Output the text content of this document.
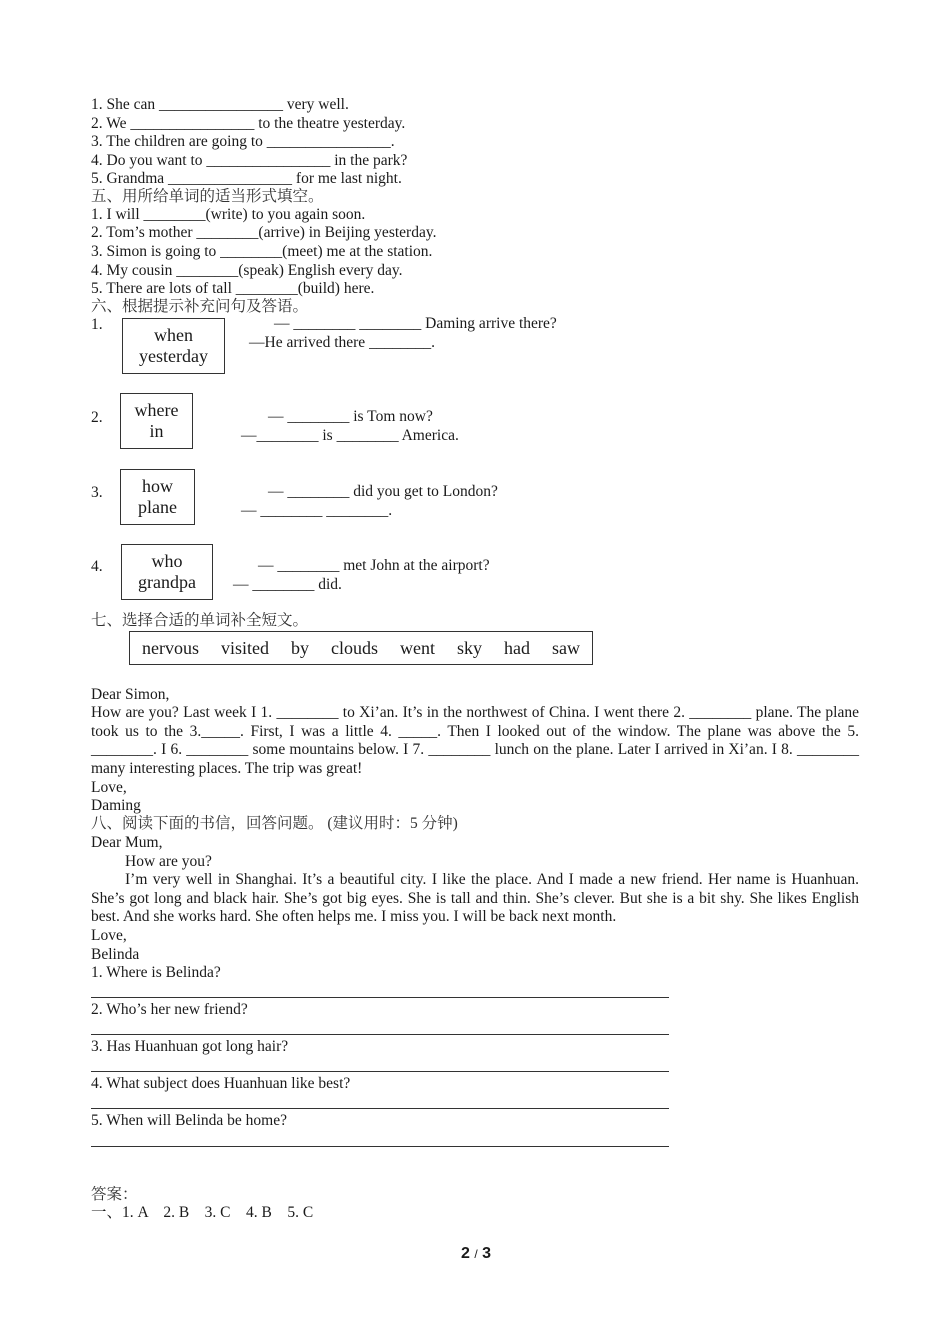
1. She can ________________ very well.
2. We ________________ to the theatre yesterday.
3. The children are going to ________________.
4. Do you want to ________________ in the park?
5. Grandma ________________ for me last night.
五、用所给单词的适当形式填空。
1. I will ________(write) to you again soon.
2. Tom’s mother ________(arrive) in Beijing yesterday.
3. Simon is going to ________(meet) me at the station.
4. My cousin ________(speak) English every day.
5. There are lots of tall ________(build) here.
六、根据提示补充问句及答语。
1.
when
yesterday
— ________ ________ Daming arrive there?
—He arrived there ________.
2.	where
in
— ________ is Tom now?
—________ is ________ America.
3.	how
plane
— ________ did you get to London?
— ________ ________.
4.	who
grandpa
— ________ met John at the airport?
— ________ did.
七、选择合适的单词补全短文。
nervous visited by clouds went sky had saw
Dear Simon,
How are you? Last week I 1. ________ to Xi’an. It’s in the northwest of China. I went there 2. ________ plane. The plane took us to the 3._____. First, I was a little 4. _____. Then I looked out of the window. The plane was above the 5. ________. I 6. ________ some mountains below. I 7. ________ lunch on the plane. Later I arrived in Xi’an. I 8. ________ many interesting places. The trip was great!
Love,
Daming
八、阅读下面的书信，回答问题。 (建议用时：5 分钟)
Dear Mum,
How are you?
I’m very well in Shanghai. It’s a beautiful city. I like the place. And I made a new friend. Her name is Huanhuan. She’s got long and black hair. She’s got big eyes. She is tall and thin. She’s clever. But she is a bit shy. She likes English best. And she works hard. She often helps me. I miss you. I will be back next month.
Love,
Belinda
1. Where is Belinda?
2. Who’s her new friend?
3. Has Huanhuan got long hair?
4. What subject does Huanhuan like best?
5. When will Belinda be home?
答案：
一、1. A　2. B　3. C　4. B　5. C
2 / 3
